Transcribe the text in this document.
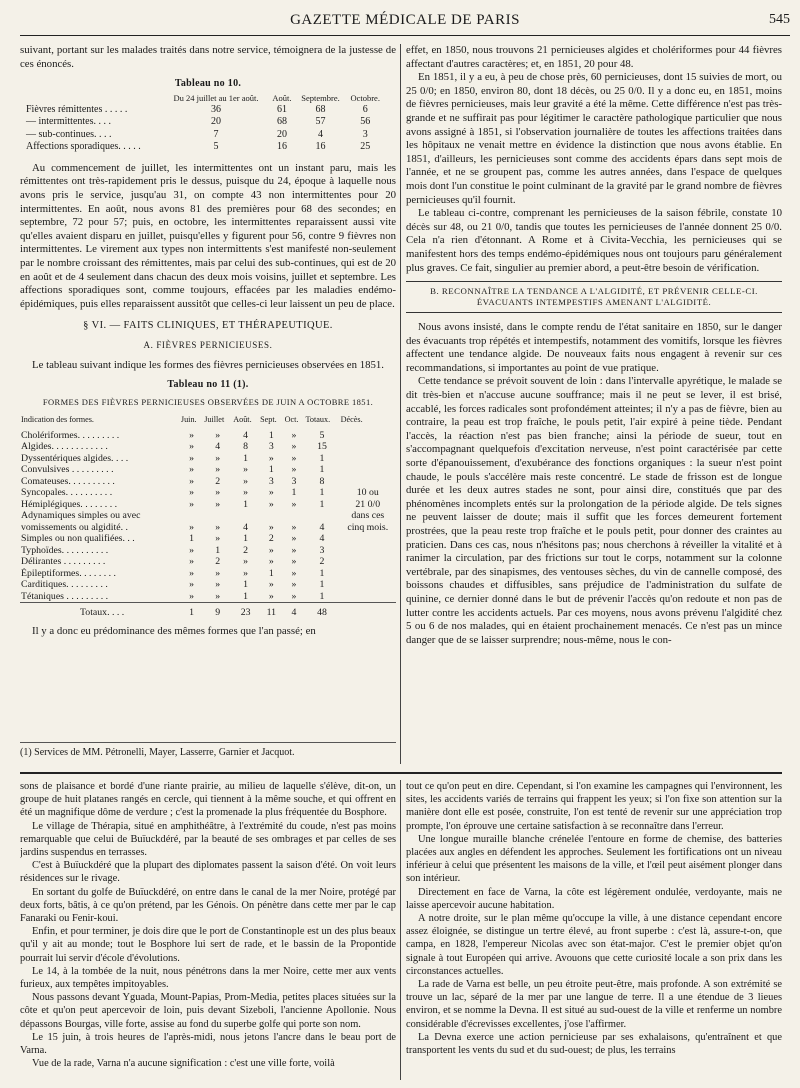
GAZETTE MÉDICALE DE PARIS	545

suivant, portant sur les malades traités dans notre service, témoignera de la justesse de ces énoncés.

Tableau no 10.
	Du 24 juillet au 1er août.	Août.	Septembre.	Octobre.
Fièvres rémittentes . . . . .	36	61	68	6
— intermittentes. . . .	20	68	57	56
— sub-continues. . . .	7	20	4	3
Affections sporadiques. . . . .	5	16	16	25

Au commencement de juillet, les intermittentes ont un instant paru, mais les rémittentes ont très-rapidement pris le dessus, puisque du 24, époque à laquelle nous avons pris le service, jusqu'au 31, on compte 43 non intermittentes pour 20 intermittentes. En août, nous avons 81 des premières pour 68 des secondes; en septembre, 72 pour 57; puis, en octobre, les intermittentes reparaissent aussi vite qu'elles avaient disparu en juillet, puisqu'elles y figurent pour 56, contre 9 fièvres non intermittentes. Le virement aux types non intermittents s'est manifesté non-seulement par le nombre croissant des rémittentes, mais par celui des sub-continues, qui est de 20 en août et de 4 seulement dans chacun des deux mois voisins, juillet et septembre. Les affections sporadiques sont, comme toujours, effacées par les maladies endémo-épidémiques, puis elles reparaissent aussitôt que celles-ci leur laissent un peu de place.

§ VI. — FAITS CLINIQUES, ET THÉRAPEUTIQUE.
A. FIÈVRES PERNICIEUSES.

Le tableau suivant indique les formes des fièvres pernicieuses observées en 1851.

Tableau no 11 (1).
FORMES DES FIÈVRES PERNICIEUSES OBSERVÉES DE JUIN A OCTOBRE 1851.
Indication des formes.	Juin.	Juillet	Août.	Sept.	Oct.	Totaux.	Décès.
Cholériformes. . . . . . . . .	»	»	4	1	»	5	
Algides. . . . . . . . . . . .	»	4	8	3	»	15	
Dyssentériques algides. . . .	»	»	1	»	»	1	
Convulsives . . . . . . . . .	»	»	»	1	»	1	
Comateuses. . . . . . . . . .	»	2	»	3	3	8	
Syncopales. . . . . . . . . .	»	»	»	»	1	1	10 ou
Hémiplégiques. . . . . . . .	»	»	1	»	»	1	21 0/0
Adynamiques simples ou avec							dans ces
vomissements ou algidité. .	»	»	4	»	»	4	cinq mois.
Simples ou non qualifiées. . .	1	»	1	2	»	4	
Typhoïdes. . . . . . . . . .	»	1	2	»	»	3	
Délirantes . . . . . . . . .	»	2	»	»	»	2	
Épileptiformes. . . . . . . .	»	»	»	1	»	1	
Carditiques. . . . . . . . .	»	»	1	»	»	1	
Tétaniques . . . . . . . . .	»	»	1	»	»	1	
Totaux. . . .	1	9	23	11	4	48	

Il y a donc eu prédominance des mêmes formes que l'an passé; en

(1) Services de MM. Pétronelli, Mayer, Lasserre, Garnier et Jacquot.

effet, en 1850, nous trouvons 21 pernicieuses algides et cholériformes pour 44 fièvres affectant d'autres caractères; et, en 1851, 20 pour 48.

En 1851, il y a eu, à peu de chose près, 60 pernicieuses, dont 15 suivies de mort, ou 25 0/0; en 1850, environ 80, dont 18 décès, ou 25 0/0. Il y a donc eu, en 1851, moins de fièvres pernicieuses, mais leur gravité a été la même. Cette différence n'est pas très-grande et ne suffirait pas pour légitimer le caractère pathologique particulier que nous avons assigné à 1851, si l'observation journalière de toutes les affections traitées dans les hôpitaux ne venait mettre en évidence la distinction que nous avons établie. En 1851, d'ailleurs, les pernicieuses sont comme des accidents épars dans sept mois de l'année, et ne se groupent pas, comme les autres années, dans l'espace de quelques mois dont l'un constitue le point culminant de la gravité par le grand nombre de fièvres pernicieuses qu'il fournit.

Le tableau ci-contre, comprenant les pernicieuses de la saison fébrile, constate 10 décès sur 48, ou 21 0/0, tandis que toutes les pernicieuses de l'année donnent 25 0/0. Cela n'a rien d'étonnant. A Rome et à Civita-Vecchia, les pernicieuses qui se manifestent hors des temps endémo-épidémiques nous ont toujours paru généralement plus graves. Ce fait, singulier au premier abord, a peut-être besoin de vérification.

B. RECONNAÎTRE LA TENDANCE A L'ALGIDITÉ, ET PRÉVENIR CELLE-CI. ÉVACUANTS INTEMPESTIFS AMENANT L'ALGIDITÉ.

Nous avons insisté, dans le compte rendu de l'état sanitaire en 1850, sur le danger des évacuants trop répétés et intempestifs, notamment des vomitifs, lorsque les fièvres affectent une tendance algide. De nouveaux faits nous engagent à revenir sur ces recommandations, si importantes au point de vue pratique.

Cette tendance se prévoit souvent de loin : dans l'intervalle apyrétique, le malade se dit très-bien et n'accuse aucune souffrance; mais il ne peut se lever, il est brisé, accablé, les forces radicales sont profondément atteintes; il n'y a pas de fièvre, bien au contraire, la peau est trop fraîche, le pouls petit, l'air expiré à peine tiède. Pendant l'accès, la réaction n'est pas bien franche; ainsi la période de sueur, tout en s'accompagnant quelquefois d'excitation nerveuse, n'est point caractérisée par cette sorte d'épanouissement, d'exubérance des fonctions organiques : la sueur n'est point chaude, le pouls s'accélère mais reste concentré. Le stade de frisson est de longue durée et les deux autres stades ne sont, pour ainsi dire, constitués que par des phénomènes incomplets entés sur la prolongation de la période algide. De tels signes ne peuvent laisser de doute; mais il suffit que les forces demeurent fortement prostrées, que la peau reste trop fraîche et le pouls petit, pour donner des craintes au praticien. Dans ces cas, nous n'hésitons pas; nous cherchons à réveiller la vitalité et à ranimer la circulation, par des frictions sur tout le corps, notamment sur la colonne vertébrale, par des sinapismes, des ventouses sèches, du vin de cannelle composé, des boissons chaudes et diffusibles, sans préjudice de l'administration du sulfate de quinine, ce dernier donné dans le but de prévenir l'accès qu'on redoute et non pas de lutter contre les accidents actuels. Par ces moyens, nous avons prévenu l'algidité chez 5 ou 6 de nos malades, qui en étaient prochainement menacés. Ce n'est pas un mince danger que de se laisser surprendre; nous-même, nous le con-

sons de plaisance et bordé d'une riante prairie, au milieu de laquelle s'élève, dit-on, un groupe de huit platanes rangés en cercle, qui tiennent à la même souche, et qui offrent en été un magnifique dôme de verdure ; c'est la promenade la plus fréquentée du Bosphore.

Le village de Thérapia, situé en amphithéâtre, à l'extrémité du coude, n'est pas moins remarquable que celui de Buïuckdéré, par la beauté de ses ombrages et par celles de ses jardins suspendus en terrasses.

C'est à Buïuckdéré que la plupart des diplomates passent la saison d'été. On voit leurs résidences sur le rivage.

En sortant du golfe de Buïuckdéré, on entre dans le canal de la mer Noire, protégé par deux forts, bâtis, à ce qu'on prétend, par les Génois. On pénètre dans cette mer par le cap Fanaraki ou Fenir-koui.

Enfin, et pour terminer, je dois dire que le port de Constantinople est un des plus beaux qu'il y ait au monde; tout le Bosphore lui sert de rade, et le bassin de la Propontide pourrait lui servir d'école d'évolutions.

Le 14, à la tombée de la nuit, nous pénétrons dans la mer Noire, cette mer aux vents furieux, aux tempêtes impitoyables.

Nous passons devant Yguada, Mount-Papias, Prom-Media, petites places situées sur la côte et qu'on peut apercevoir de loin, puis devant Sizeboli, l'ancienne Apollonie. Nous dépassons Bourgas, ville forte, assise au fond du superbe golfe qui porte son nom.

Le 15 juin, à trois heures de l'après-midi, nous jetons l'ancre dans le beau port de Varna.

Vue de la rade, Varna n'a aucune signification : c'est une ville forte, voilà

tout ce qu'on peut en dire. Cependant, si l'on examine les campagnes qui l'environnent, les sites, les accidents variés de terrains qui frappent les yeux; si l'on fixe son attention sur la manière dont elle est posée, construite, l'on est tenté de revenir sur une appréciation trop prompte, l'on éprouve une certaine satisfaction à se reconnaître dans l'erreur.

Une longue muraille blanche crénelée l'entoure en forme de chemise, des batteries placées aux angles en défendent les approches. Seulement les fortifications ont un niveau inférieur à celui que présentent les maisons de la ville, et l'œil peut aisément plonger dans son intérieur.

Directement en face de Varna, la côte est légèrement ondulée, verdoyante, mais ne laisse apercevoir aucune habitation.

A notre droite, sur le plan même qu'occupe la ville, à une distance cependant encore assez éloignée, se distingue un tertre élevé, au front superbe : c'est là, assure-t-on, que campa, en 1828, l'empereur Nicolas avec son état-major. C'est le premier objet qu'on signale à tout Européen qui arrive. Avouons que cette curiosité locale a son prix dans les circonstances actuelles.

La rade de Varna est belle, un peu étroite peut-être, mais profonde. A son extrémité se trouve un lac, séparé de la mer par une langue de terre. Il a une étendue de 3 lieues environ, et se nomme la Devna. Il est situé au sud-ouest de la ville et renferme un nombre considérable d'écrevisses excellentes, j'ose l'affirmer.

La Devna exerce une action pernicieuse par ses exhalaisons, qu'entraînent et que transportent les vents du sud et du sud-ouest; de plus, les terrains
